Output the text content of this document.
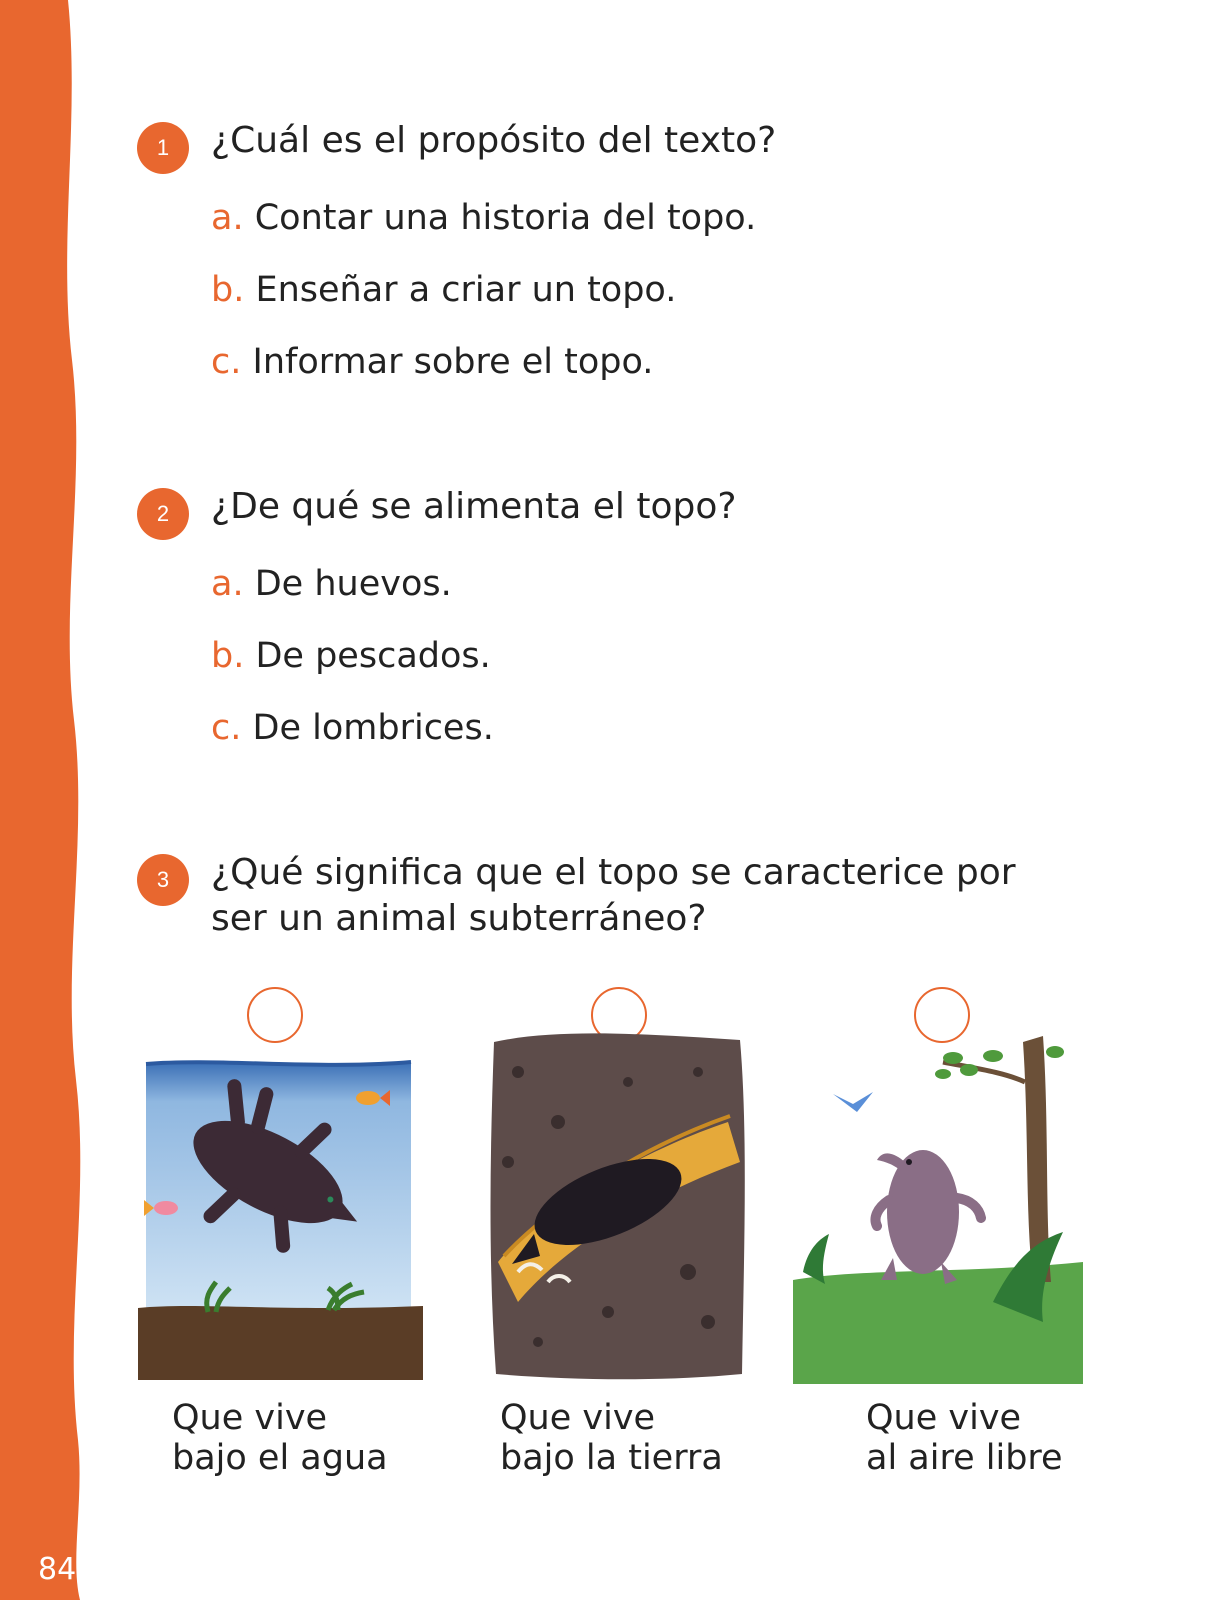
84
1	¿Cuál es el propósito del texto?
a. Contar una historia del topo.
b. Enseñar a criar un topo.
c. Informar sobre el topo.
2	¿De qué se alimenta el topo?
a. De huevos.
b. De pescados.
c. De lombrices.
3	¿Qué significa que el topo se caracterice por ser un animal subterráneo?
Que vive
bajo el agua
Que vive
bajo la tierra
Que vive
al aire libre
